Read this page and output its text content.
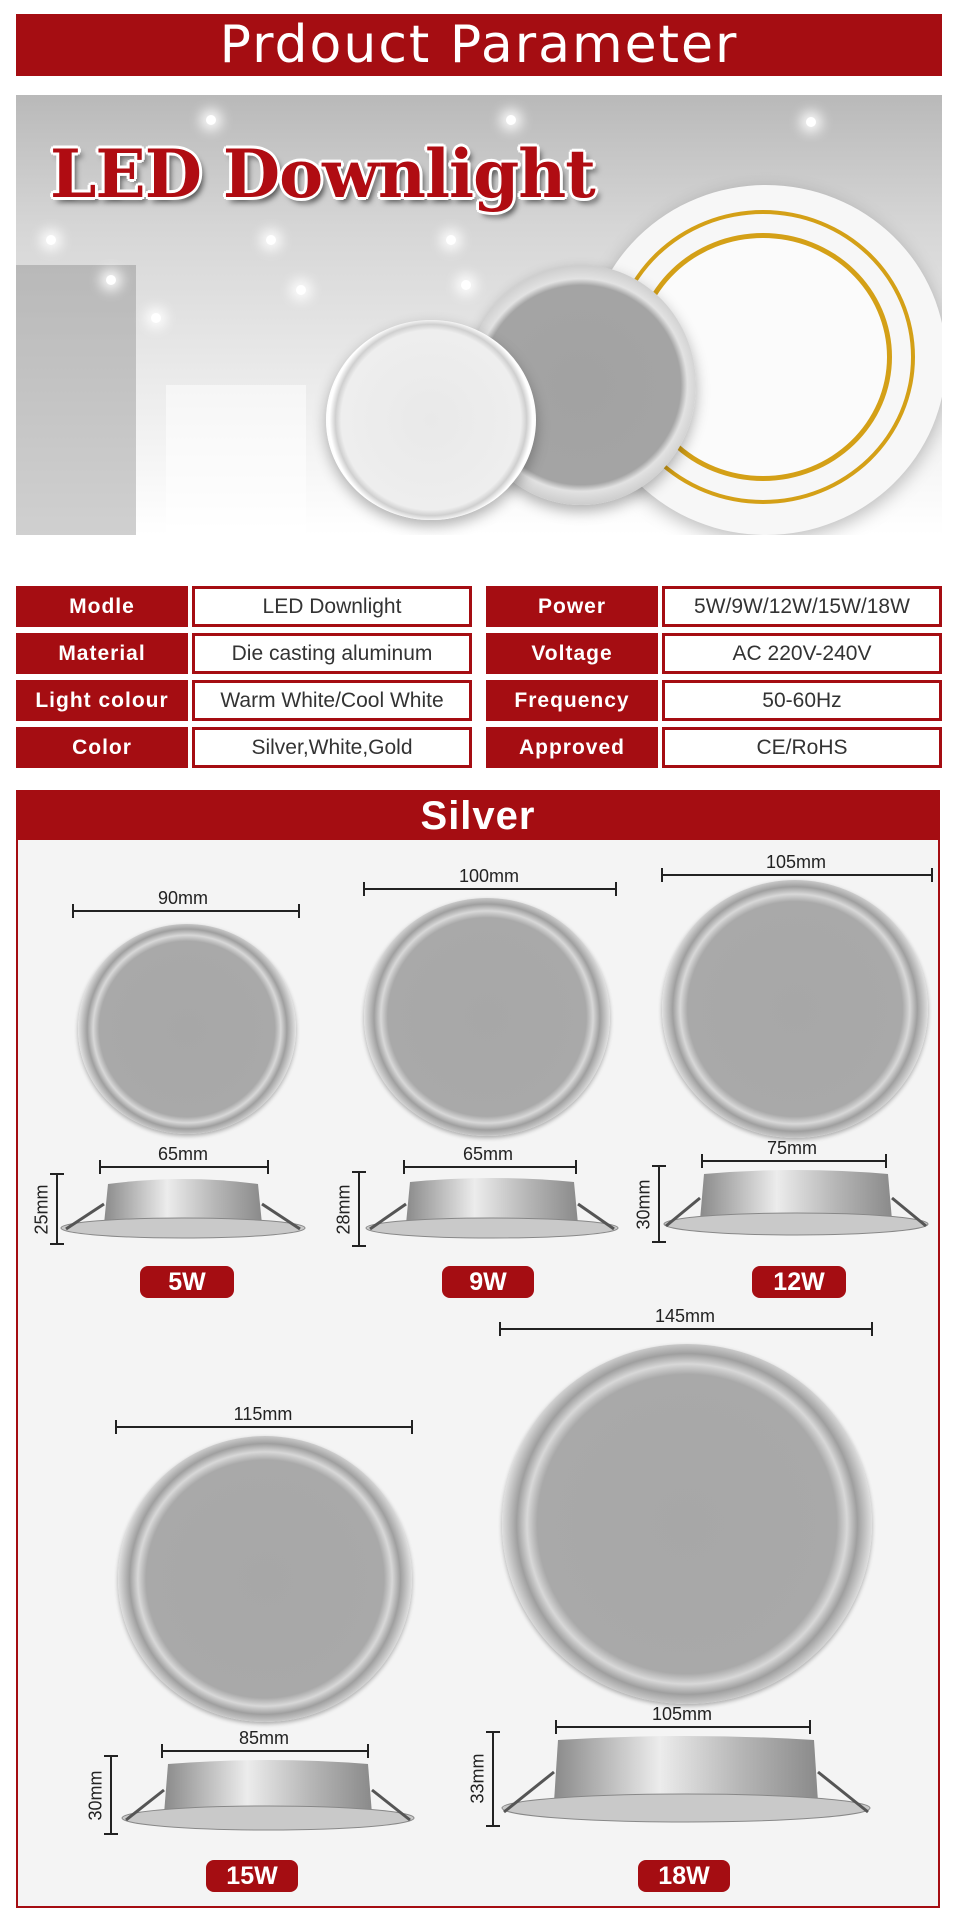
Prdouct Parameter
LED Downlight
Modle	LED Downlight	Power	5W/9W/12W/15W/18W
Material	Die casting aluminum	Voltage	AC 220V-240V
Light colour	Warm White/Cool White	Frequency	50-60Hz
Color	Silver,White,Gold	Approved	CE/RoHS
Silver
90mm
65mm
25mm
5W
100mm
65mm
28mm
9W
105mm
75mm
30mm
12W
115mm
85mm
30mm
15W
145mm
105mm
33mm
18W
